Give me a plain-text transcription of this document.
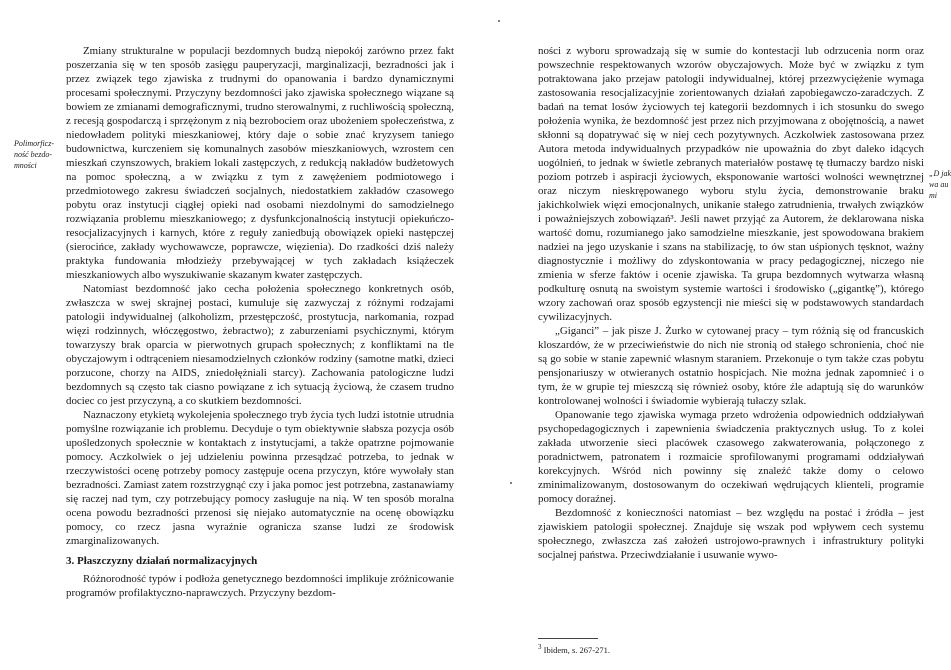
Polimorficz-ność bezdo-mności

Zmiany strukturalne w populacji bezdomnych budzą niepokój zarówno przez fakt poszerzania się w ten sposób zasięgu pauperyzacji, marginalizacji, bezradności jak i przez związek tego zjawiska z trudnymi do opanowania i bardzo dynamicznymi procesami społecznymi. Przyczyny bezdomności jako zjawiska społecznego wiązane są bowiem ze zmianami demograficznymi, trudno sterowalnymi, z ruchliwością społeczną, z recesją gospodarczą i sprzężonym z nią bezrobociem oraz ubożeniem społeczeństwa, z niedowładem polityki mieszkaniowej, który daje o sobie znać kryzysem taniego budownictwa, kurczeniem się komunalnych zasobów mieszkaniowych, wzrostem cen mieszkań czynszowych, brakiem lokali zastępczych, z redukcją nakładów budżetowych na pomoc społeczną, a w związku z tym z zawężeniem podmiotowego i przedmiotowego zakresu świadczeń socjalnych, niedostatkiem zakładów czasowego pobytu oraz instytucji ciągłej opieki nad osobami niezdolnymi do samodzielnego rozwiązania problemu mieszkaniowego; z dysfunkcjonalnością instytucji opiekuńczo-resocjalizacyjnych i karnych, które z reguły zaniedbują obowiązek opieki następczej (sierocińce, zakłady wychowawcze, poprawcze, więzienia). Do rzadkości dziś należy praktyka fundowania młodzieży przebywającej w tych zakładach książeczek mieszkaniowych albo wyszukiwanie skazanym kwater zastępczych.

Natomiast bezdomność jako cecha położenia społecznego konkretnych osób, zwłaszcza w swej skrajnej postaci, kumuluje się zazwyczaj z różnymi rodzajami patologii indywidualnej (alkoholizm, przestępczość, prostytucja, narkomania, rozpad więzi rodzinnych, włóczęgostwo, żebractwo); z zaburzeniami psychicznymi, którym towarzyszy brak oparcia w pierwotnych grupach społecznych; z konfliktami na tle obyczajowym i odtrąceniem niesamodzielnych członków rodziny (samotne matki, dzieci porzucone, chorzy na AIDS, zniedołężniali starcy). Zachowania patologiczne ludzi bezdomnych są często tak ciasno powiązane z ich sytuacją życiową, że czasem trudno dociec co jest przyczyną, a co skutkiem bezdomności.

Naznaczony etykietą wykolejenia społecznego tryb życia tych ludzi istotnie utrudnia pomyślne rozwiązanie ich problemu. Decyduje o tym obiektywnie słabsza pozycja osób upośledzonych społecznie w kontaktach z instytucjami, a także opatrzne pojmowanie pomocy. Aczkolwiek o jej udzieleniu powinna przesądzać potrzeba, to jednak w rzeczywistości ocenę potrzeby pomocy zastępuje ocena przyczyn, które wywołały stan bezradności. Zamiast zatem rozstrzygnąć czy i jaka pomoc jest potrzebna, zastanawiamy się raczej nad tym, czy potrzebujący pomocy zasługuje na nią. W ten sposób moralna ocena powodu bezradności przenosi się niejako automatycznie na ocenę obowiązku pomocy, co rzecz jasna wyraźnie ogranicza szanse ludzi ze środowisk zmarginalizowanych.

3. Płaszczyzny działań normalizacyjnych

Różnorodność typów i podłoża genetycznego bezdomności implikuje zróżnicowanie programów profilaktyczno-naprawczych. Przyczyny bezdom-

ności z wyboru sprowadzają się w sumie do kontestacji lub odrzucenia norm oraz powszechnie respektowanych wzorów obyczajowych. Może być w związku z tym potraktowana jako przejaw patologii indywidualnej, której przezwyciężenie wymaga zastosowania resocjalizacyjnie zorientowanych działań zapobiegawczo-zaradczych. Z badań na temat losów życiowych tej kategorii bezdomnych i ich stosunku do swego położenia wynika, że bezdomność jest przez nich przyjmowana z obojętnością, a nawet skłonni są dopatrywać się w niej cech pozytywnych. Aczkolwiek zastosowana przez Autora metoda indywidualnych przypadków nie upoważnia do zbyt daleko idących uogólnień, to jednak w świetle zebranych materiałów postawę tę tłumaczy bardzo niski poziom potrzeb i aspiracji życiowych, eksponowanie wartości wolności wewnętrznej oraz niczym nieskrępowanego wyboru stylu życia, demonstrowanie braku jakichkolwiek więzi emocjonalnych, unikanie stałego zatrudnienia, trwałych związków i poważniejszych zobowiązań³. Jeśli nawet przyjąć za Autorem, że deklarowana niska wartość domu, rozumianego jako samodzielne mieszkanie, jest spowodowana brakiem nadziei na jego uzyskanie i szans na stabilizację, to ów stan uśpionych tęsknot, ważny diagnostycznie i możliwy do zdyskontowania w pracy pedagogicznej, niczego nie zmienia w sferze faktów i ocenie zjawiska. Ta grupa bezdomnych wytwarza własną podkulturę osnutą na swoistym systemie wartości i środowisko („gigantkę”), którego wzory zachowań oraz sposób egzystencji nie mieści się w podstawowych standardach cywilizacyjnych.

„Giganci” – jak pisze J. Żurko w cytowanej pracy – tym różnią się od francuskich kloszardów, że w przeciwieństwie do nich nie stronią od stałego schronienia, choć nie są go sobie w stanie zapewnić własnym staraniem. Przekonuje o tym także czas pobytu pensjonariuszy w otwieranych ostatnio hospicjach. Nie można jednak zapomnieć i o tym, że w grupie tej mieszczą się również osoby, które źle adaptują się do warunków kontrolowanej wolności i świadomie wybierają tułaczy szlak.

Opanowanie tego zjawiska wymaga przeto wdrożenia odpowiednich oddziaływań psychopedagogicznych i zapewnienia świadczenia praktycznych usług. To z kolei zakłada utworzenie sieci placówek czasowego zakwaterowania, połączonego z poradnictwem, patronatem i rozmaicie sprofilowanymi programami oddziaływań korekcyjnych. Wśród nich powinny się znaleźć także domy o celowo zminimalizowanym, dostosowanym do oczekiwań wędrujących klienteli, programie pomocy doraźnej.

Bezdomność z konieczności natomiast – bez względu na postać i źródła – jest zjawiskiem patologii społecznej. Znajduje się wszak pod wpływem cech systemu społecznego, zwłaszcza zaś założeń ustrojowo-prawnych i infrastruktury polityki socjalnej państwa. Przeciwdziałanie i usuwanie wywo-

„D jak wa au mi
$^3$ Ibidem, s. 267-271.
